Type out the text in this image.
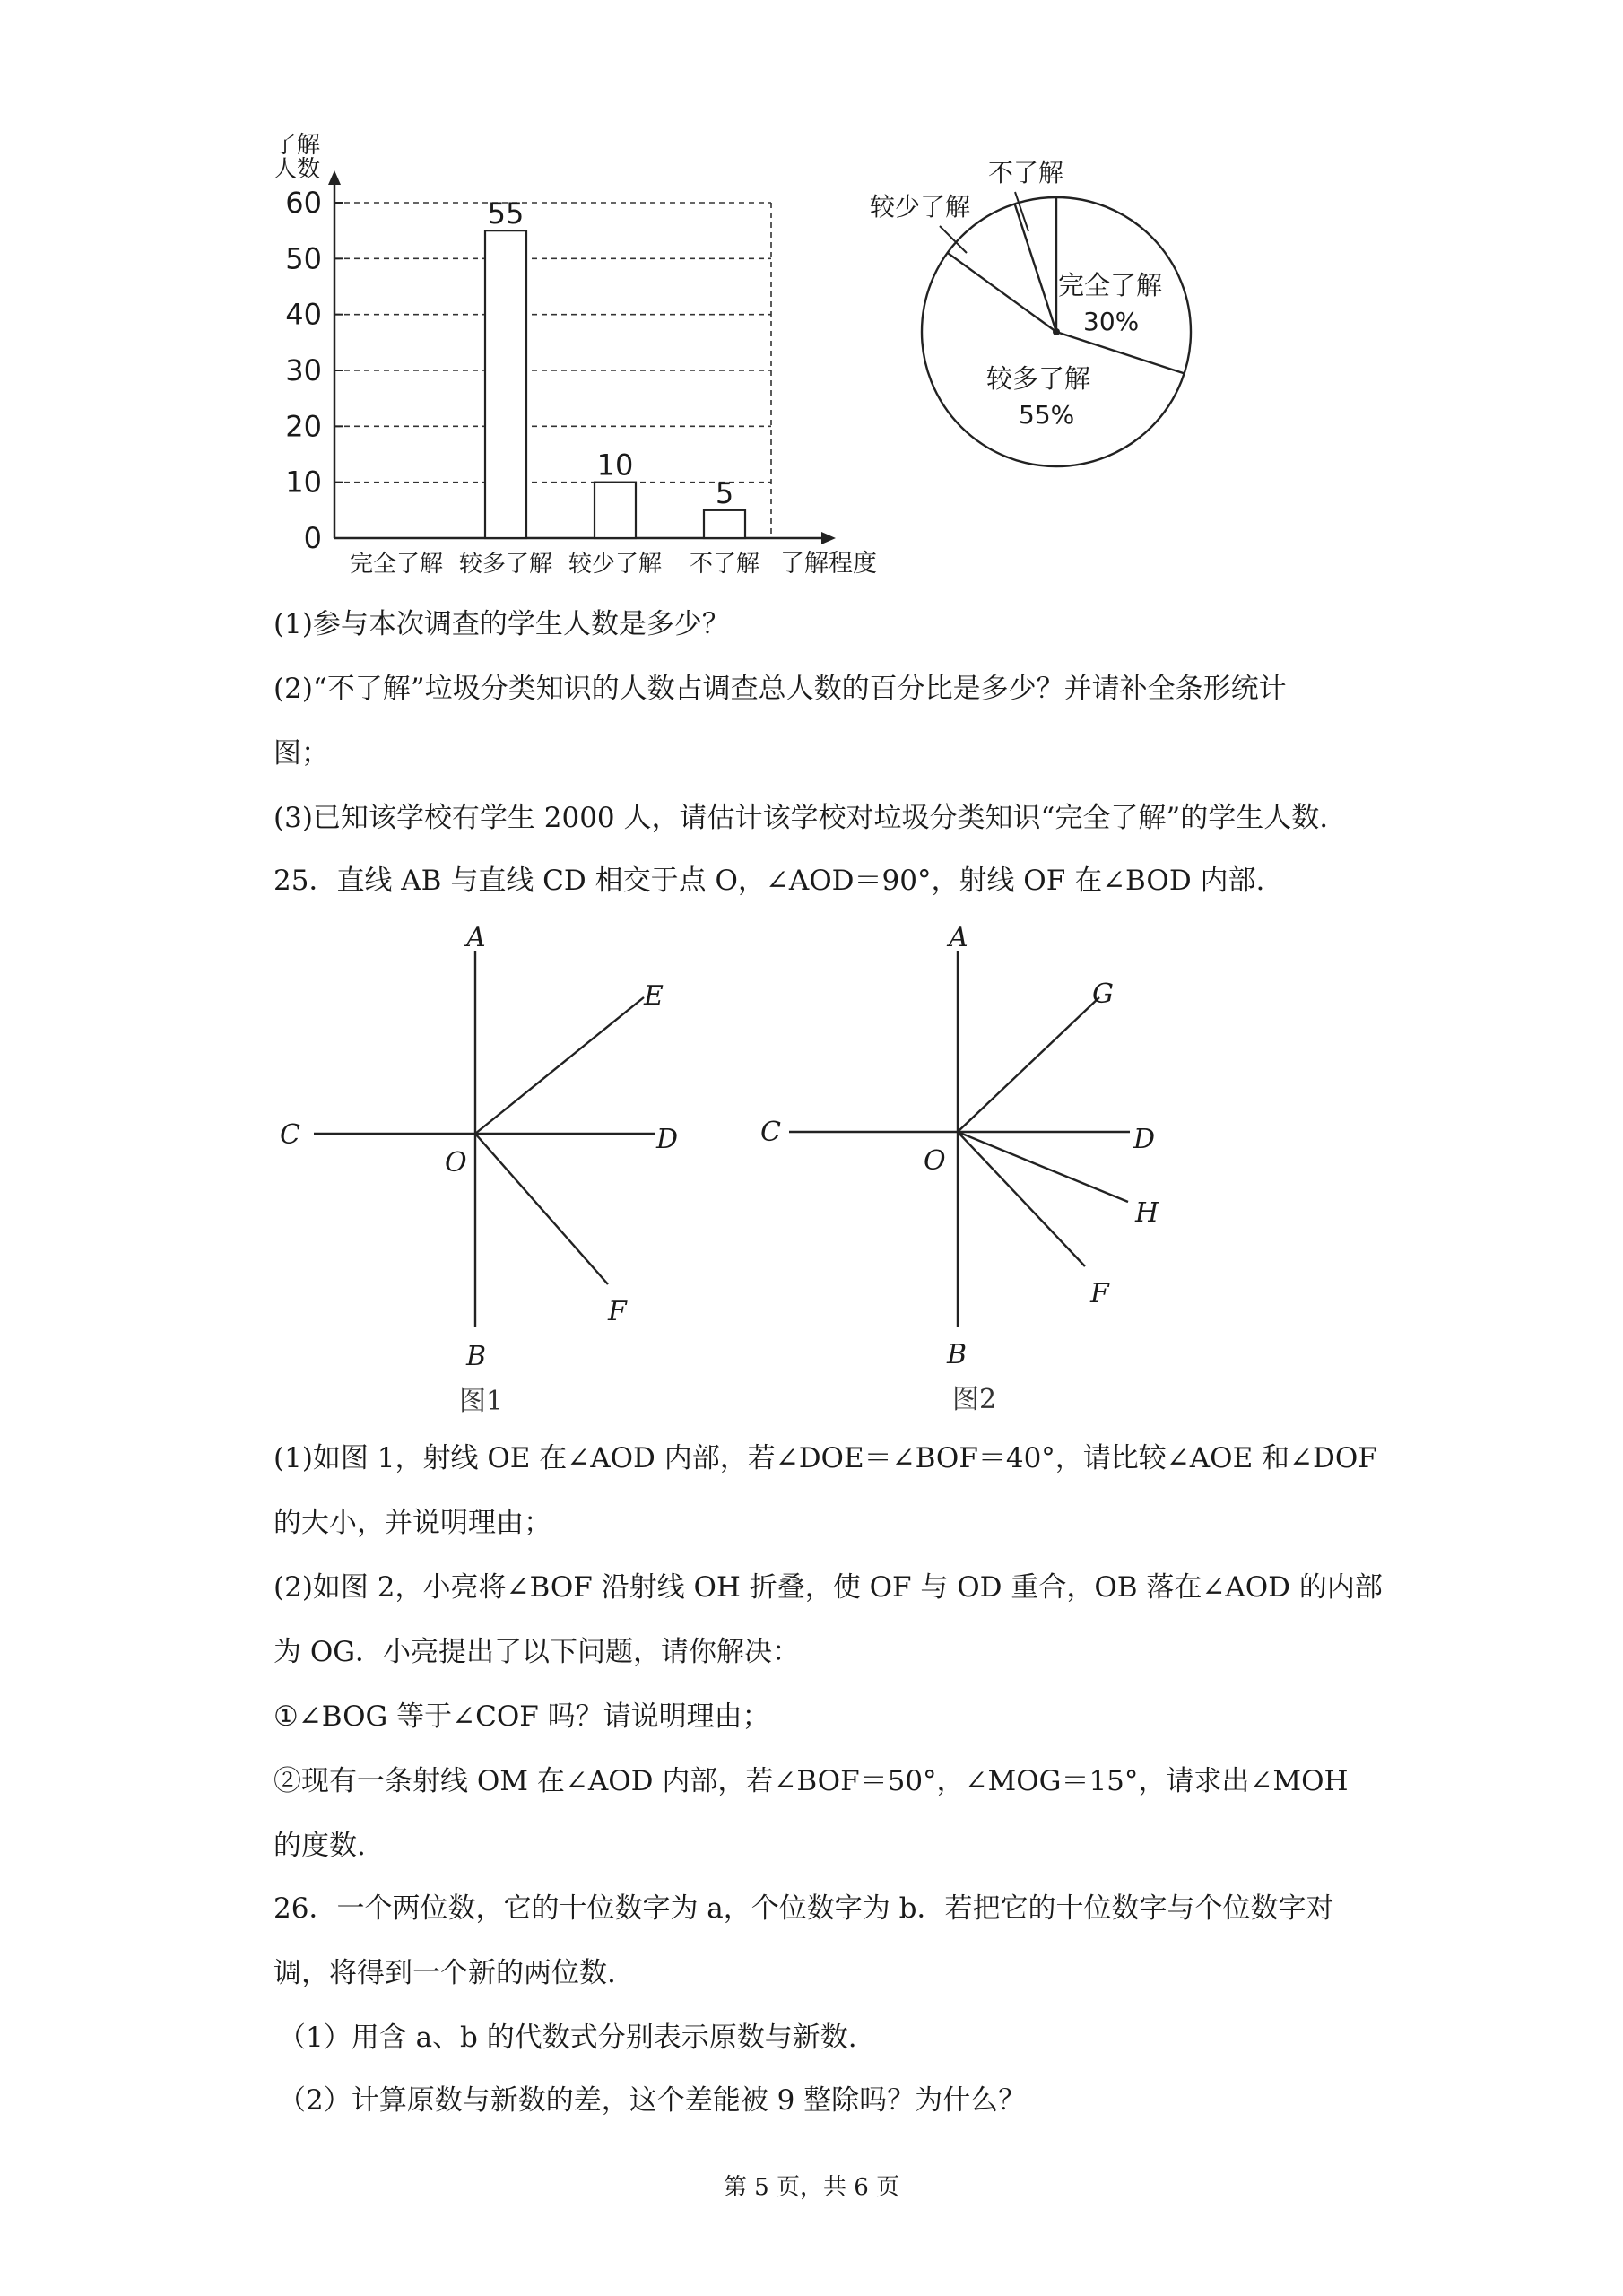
了解
人数
了解程度
0
10
20
30
40
50
60	55
10
5
完全了解 较多了解 较少了解 不了解
不了解
较少了解
完全了解
30%
较多了解
55%
(1)参与本次调查的学生人数是多少？
(2)“不了解”垃圾分类知识的人数占调查总人数的百分比是多少？并请补全条形统计
图；
(3)已知该学校有学生 2000 人，请估计该学校对垃圾分类知识“完全了解”的学生人数.
25．直线 AB 与直线 CD 相交于点 O，∠AOD＝90°，射线 OF 在∠BOD 内部.
A
E
C	D
O
F
B
图1
A
G
C	D
O
H
F
B
图2
(1)如图 1，射线 OE 在∠AOD 内部，若∠DOE＝∠BOF＝40°，请比较∠AOE 和∠DOF
的大小，并说明理由；
(2)如图 2，小亮将∠BOF 沿射线 OH 折叠，使 OF 与 OD 重合，OB 落在∠AOD 的内部
为 OG．小亮提出了以下问题，请你解决：
①∠BOG 等于∠COF 吗？请说明理由；
②现有一条射线 OM 在∠AOD 内部，若∠BOF＝50°，∠MOG＝15°，请求出∠MOH
的度数.
26．一个两位数，它的十位数字为 a，个位数字为 b．若把它的十位数字与个位数字对
调，将得到一个新的两位数.
（1）用含 a、b 的代数式分别表示原数与新数.
（2）计算原数与新数的差，这个差能被 9 整除吗？为什么？
第 5 页，共 6 页
